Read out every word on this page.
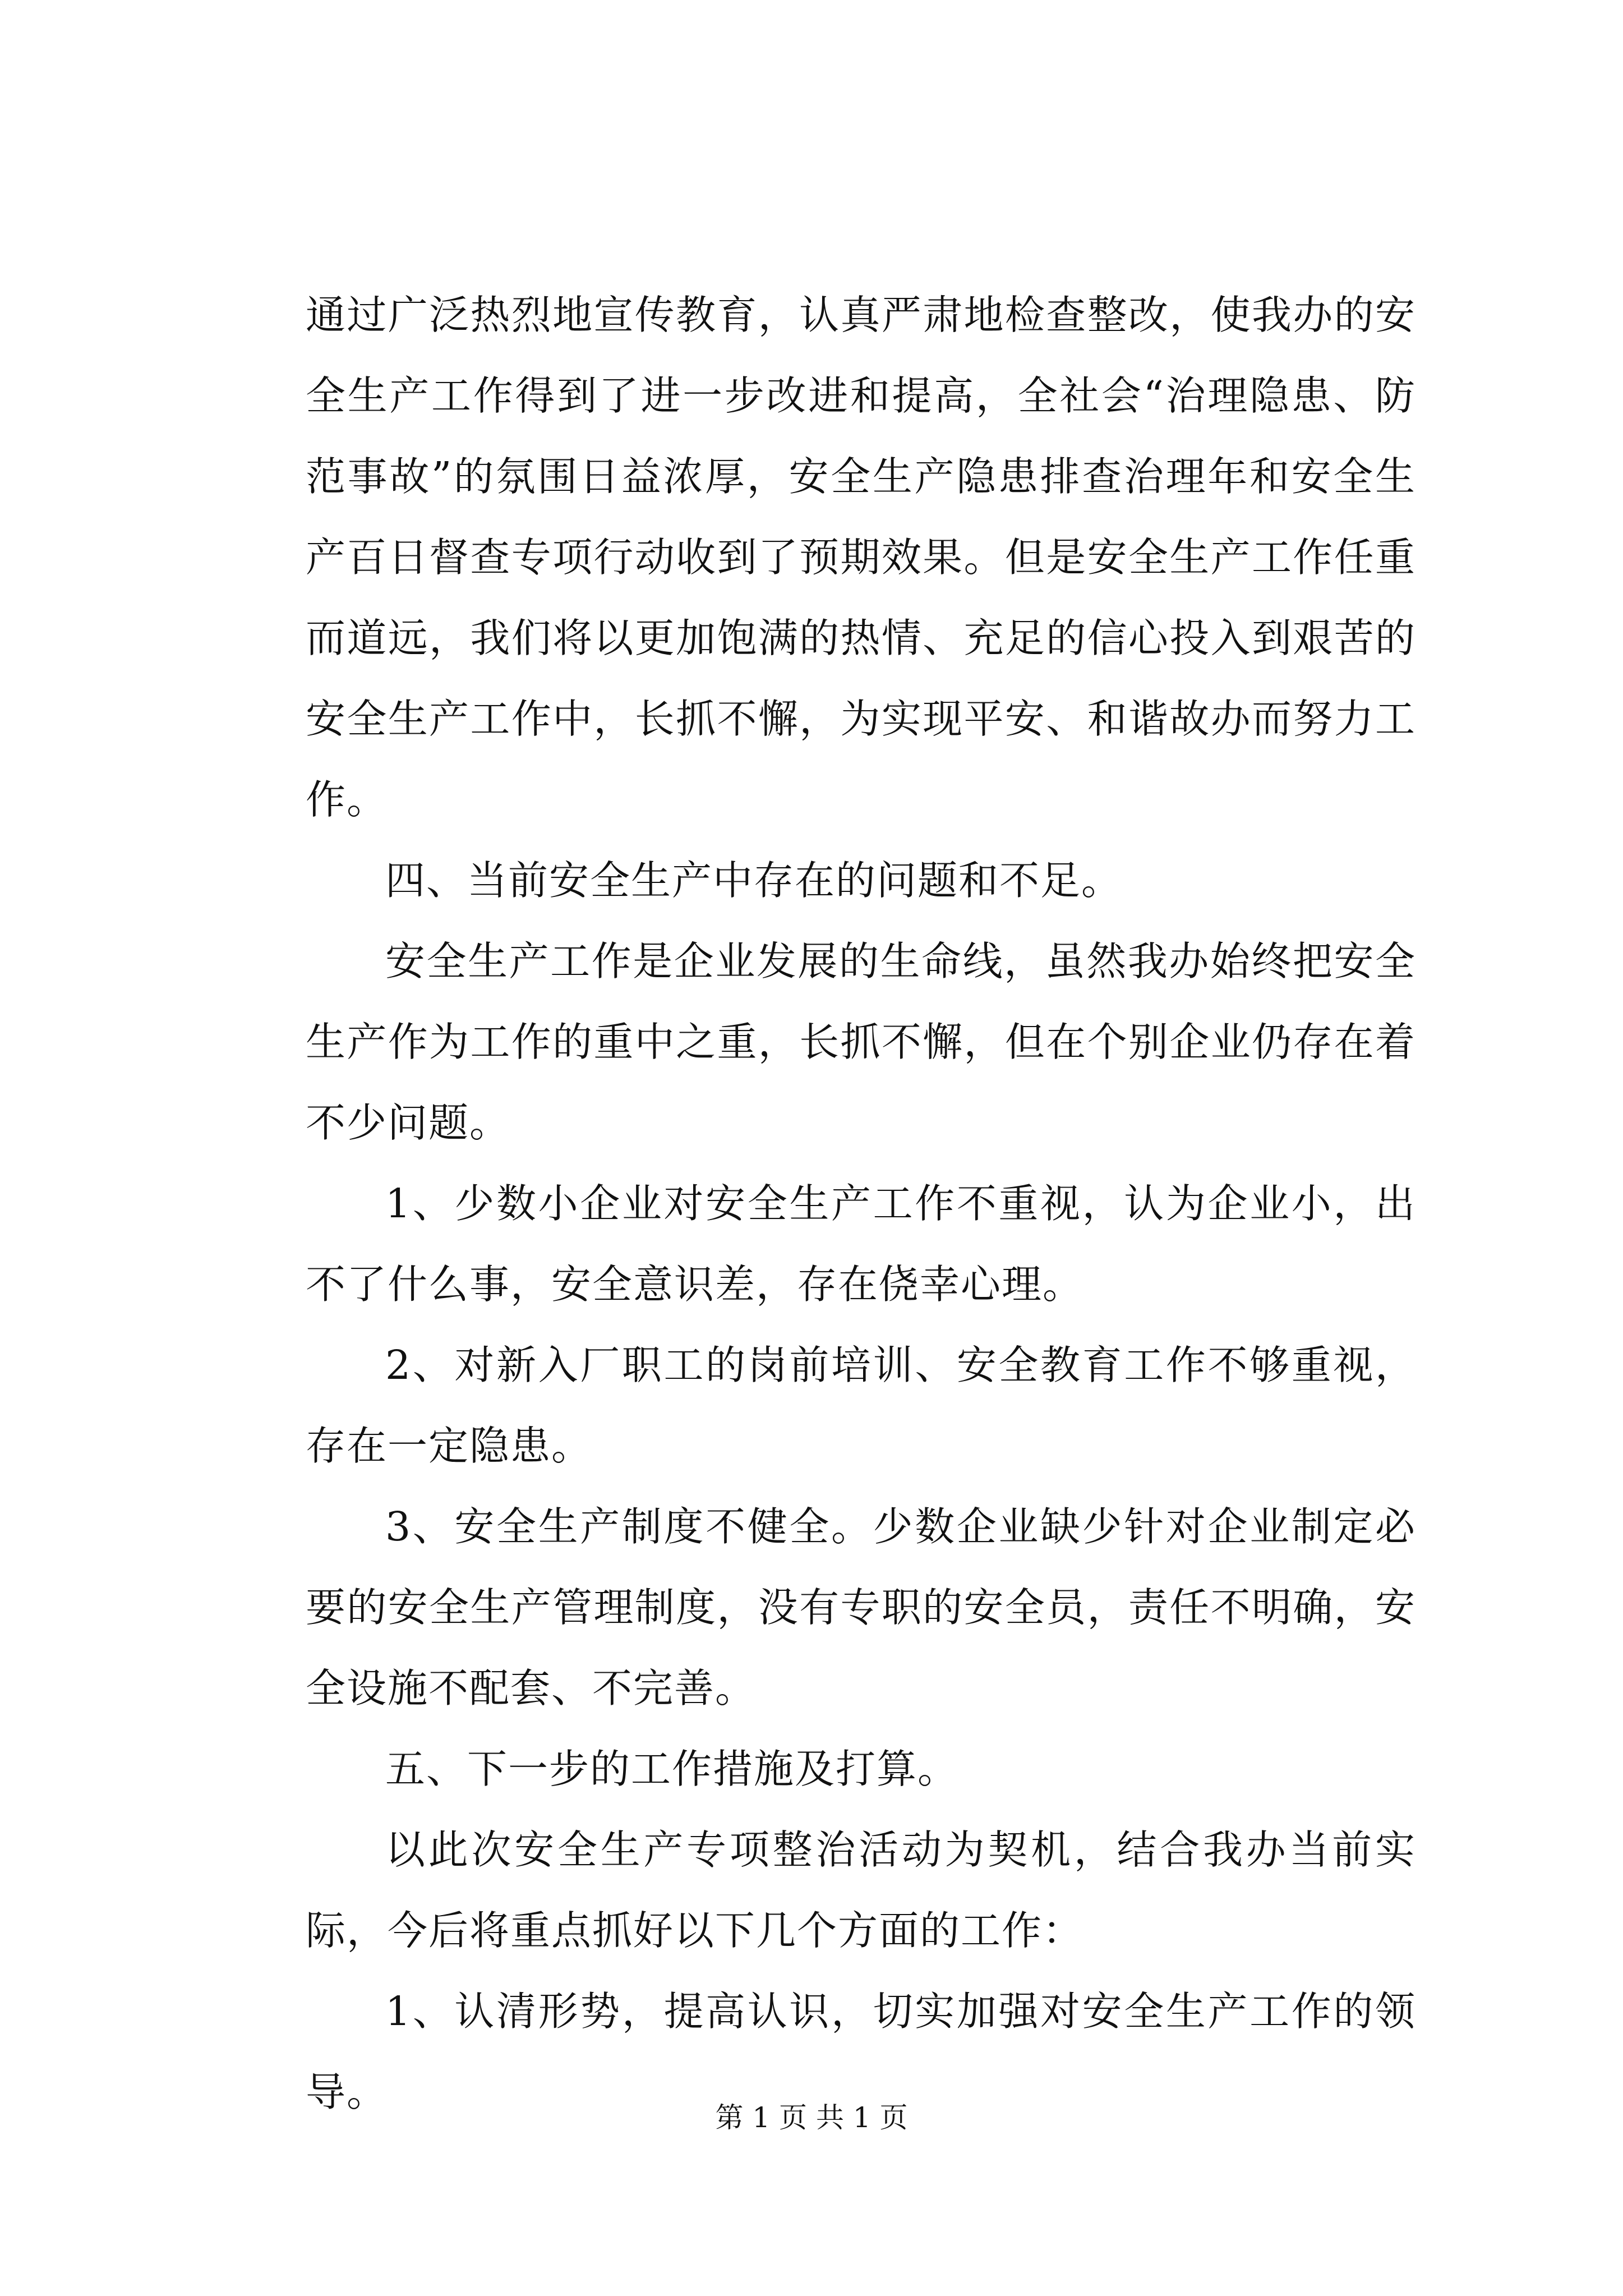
通过广泛热烈地宣传教育，认真严肃地检查整改，使我办的安全生产工作得到了进一步改进和提高，全社会“治理隐患、防范事故”的氛围日益浓厚，安全生产隐患排查治理年和安全生产百日督查专项行动收到了预期效果。但是安全生产工作任重而道远，我们将以更加饱满的热情、充足的信心投入到艰苦的安全生产工作中，长抓不懈，为实现平安、和谐故办而努力工作。

四、当前安全生产中存在的问题和不足。

安全生产工作是企业发展的生命线，虽然我办始终把安全生产作为工作的重中之重，长抓不懈，但在个别企业仍存在着不少问题。

1、少数小企业对安全生产工作不重视，认为企业小，出不了什么事，安全意识差，存在侥幸心理。

2、对新入厂职工的岗前培训、安全教育工作不够重视，存在一定隐患。

3、安全生产制度不健全。少数企业缺少针对企业制定必要的安全生产管理制度，没有专职的安全员，责任不明确，安全设施不配套、不完善。

五、下一步的工作措施及打算。

以此次安全生产专项整治活动为契机，结合我办当前实际，今后将重点抓好以下几个方面的工作：

1、认清形势，提高认识，切实加强对安全生产工作的领导。

第 1 页 共 1 页
